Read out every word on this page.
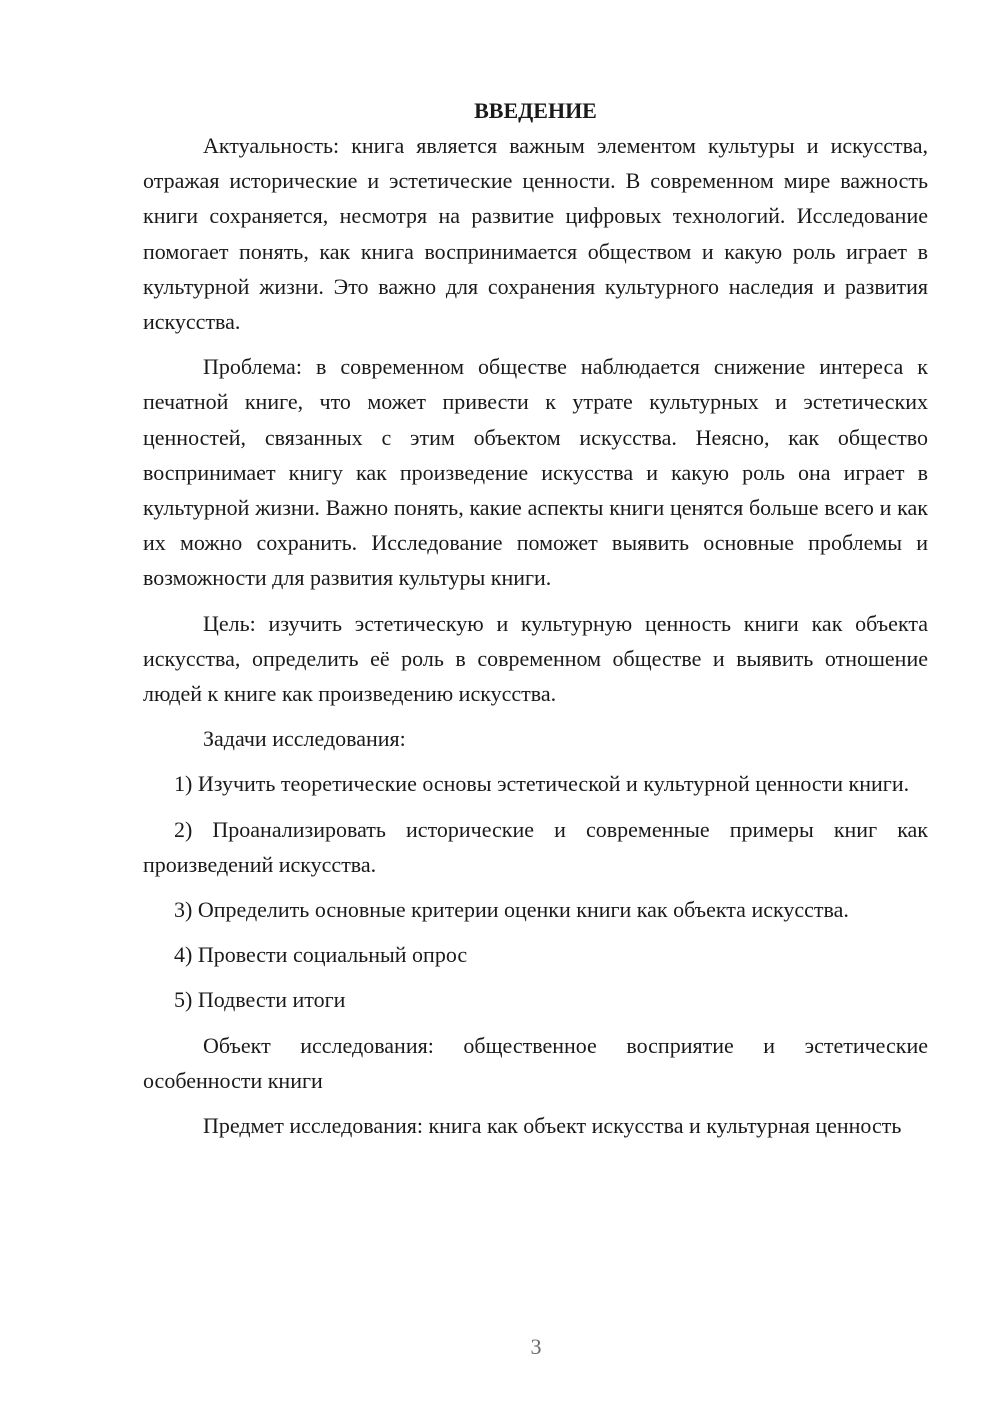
ВВЕДЕНИЕ

Актуальность: книга является важным элементом культуры и искусства, отражая исторические и эстетические ценности. В современном мире важность книги сохраняется, несмотря на развитие цифровых технологий. Исследование помогает понять, как книга воспринимается обществом и какую роль играет в культурной жизни. Это важно для сохранения культурного наследия и развития искусства.

Проблема: в современном обществе наблюдается снижение интереса к печатной книге, что может привести к утрате культурных и эстетических ценностей, связанных с этим объектом искусства. Неясно, как общество воспринимает книгу как произведение искусства и какую роль она играет в культурной жизни. Важно понять, какие аспекты книги ценятся больше всего и как их можно сохранить. Исследование поможет выявить основные проблемы и возможности для развития культуры книги.

Цель: изучить эстетическую и культурную ценность книги как объекта искусства, определить её роль в современном обществе и выявить отношение людей к книге как произведению искусства.

Задачи исследования:

1) Изучить теоретические основы эстетической и культурной ценности книги.

2) Проанализировать исторические и современные примеры книг как произведений искусства.

3) Определить основные критерии оценки книги как объекта искусства.

4) Провести социальный опрос

5) Подвести итоги

Объект исследования: общественное восприятие и эстетические особенности книги

Предмет исследования: книга как объект искусства и культурная ценность

3
